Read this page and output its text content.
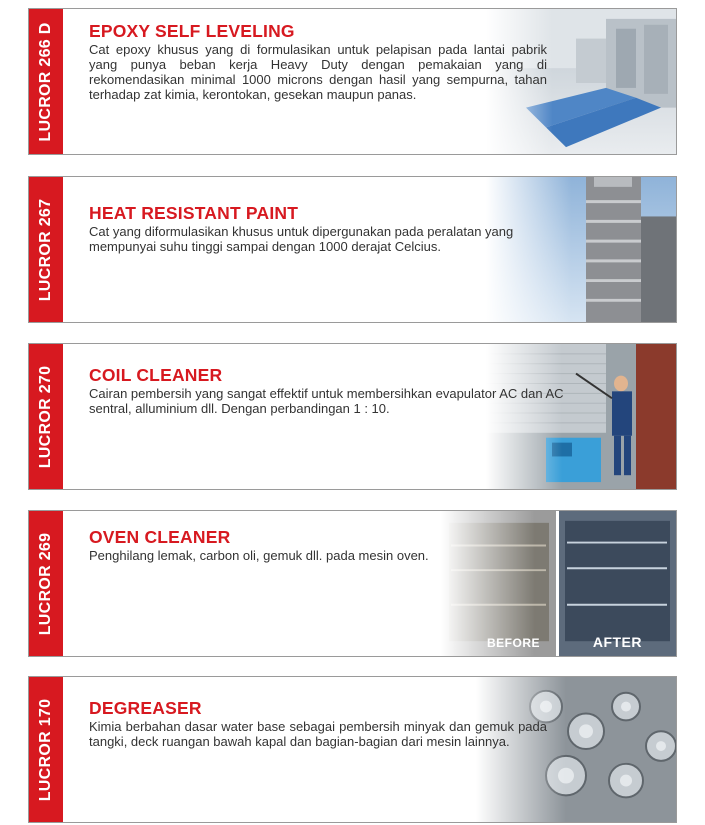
LUCROR 266 D EPOXY SELF LEVELING
Cat epoxy khusus yang di formulasikan untuk pelapisan pada lantai pabrik yang punya beban kerja Heavy Duty dengan pemakaian yang di rekomendasikan minimal 1000 microns dengan hasil yang sempurna, tahan terhadap zat kimia, kerontokan, gesekan maupun panas.
LUCROR 267 HEAT RESISTANT PAINT
Cat yang diformulasikan khusus untuk dipergunakan pada peralatan yang mempunyai suhu tinggi sampai dengan 1000 derajat Celcius.
LUCROR 270 COIL CLEANER
Cairan pembersih yang sangat effektif untuk membersihkan evapulator AC dan AC sentral, alluminium dll. Dengan perbandingan 1 : 10.
BEFORE	AFTER
LUCROR 269 OVEN CLEANER
Penghilang lemak, carbon oli, gemuk dll. pada mesin oven.
LUCROR 170 DEGREASER
Kimia berbahan dasar water base sebagai pembersih minyak dan gemuk pada tangki, deck ruangan bawah kapal dan bagian-bagian dari mesin lainnya.
